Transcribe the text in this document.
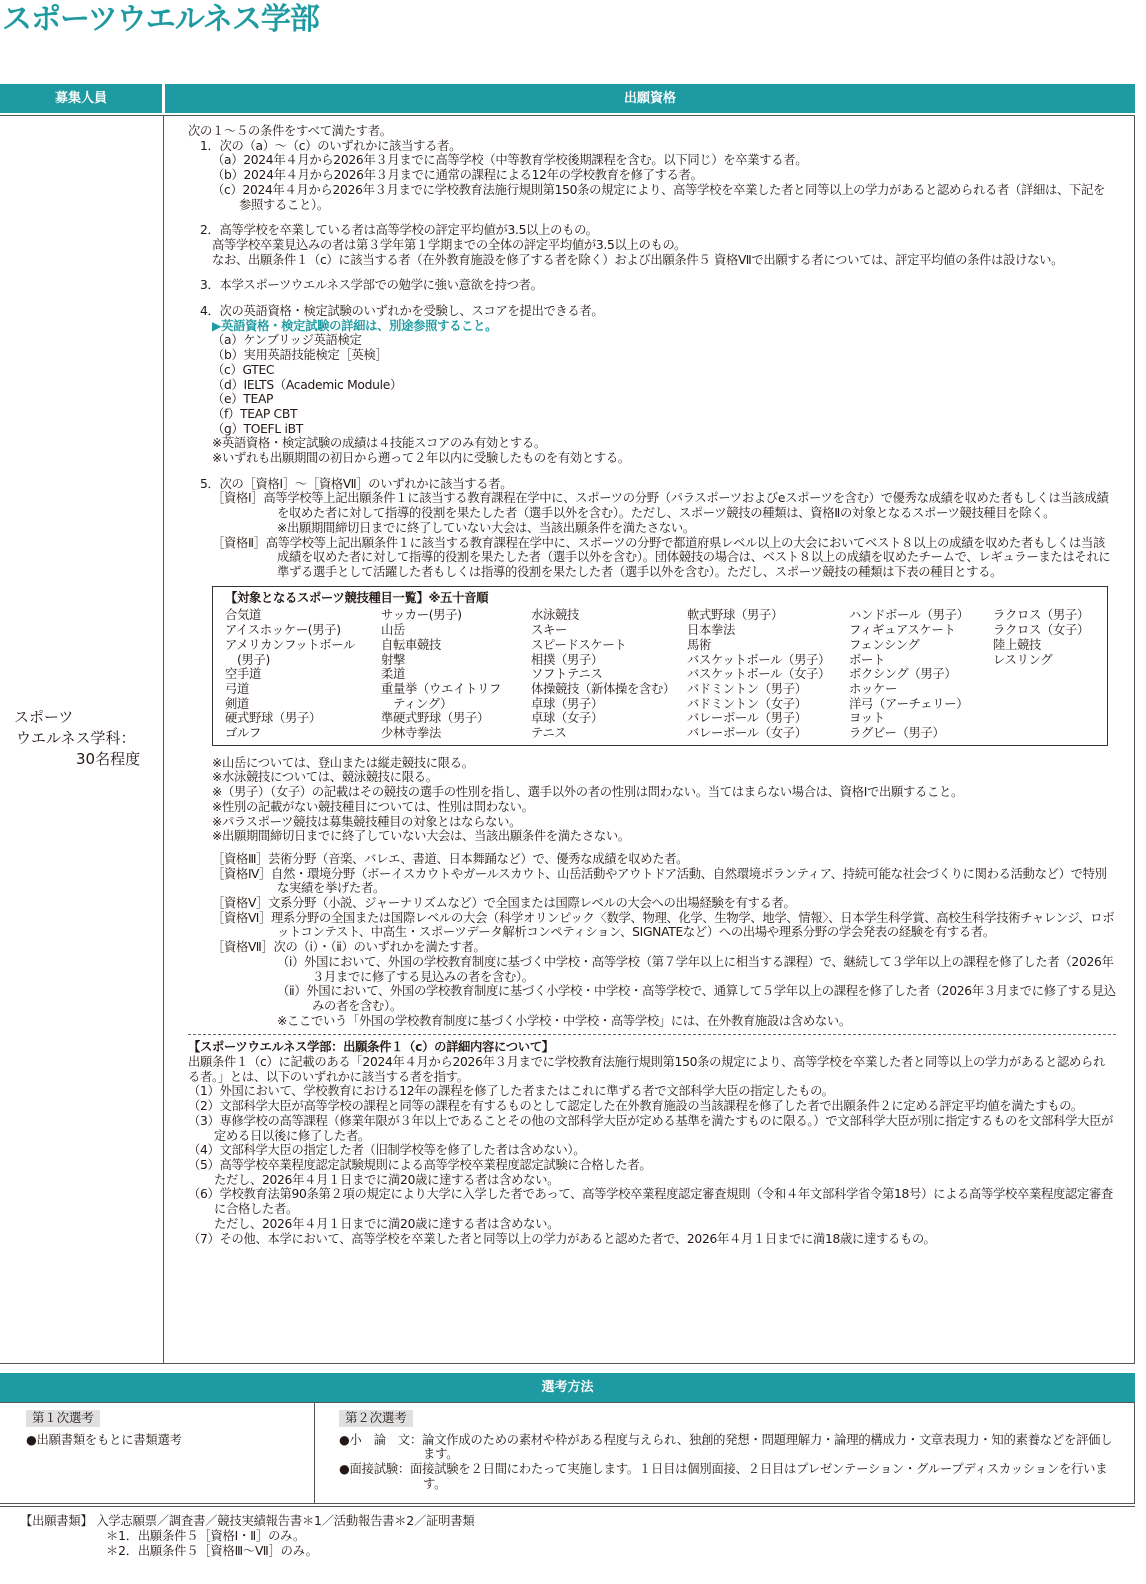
スポーツウエルネス学部
募集人員	出願資格
スポーツ
ウエルネス学科：
30名程度

次の１～５の条件をすべて満たす者。

1．次の（a）～（c）のいずれかに該当する者。

（a）2024年４月から2026年３月までに高等学校（中等教育学校後期課程を含む。以下同じ）を卒業する者。

（b）2024年４月から2026年３月までに通常の課程による12年の学校教育を修了する者。

（c）2024年４月から2026年３月までに学校教育法施行規則第150条の規定により、高等学校を卒業した者と同等以上の学力があると認められる者（詳細は、下記を参照すること）。

2．高等学校を卒業している者は高等学校の評定平均値が3.5以上のもの。

高等学校卒業見込みの者は第３学年第１学期までの全体の評定平均値が3.5以上のもの。

なお、出願条件１（c）に該当する者（在外教育施設を修了する者を除く）および出願条件５ 資格Ⅶで出願する者については、評定平均値の条件は設けない。

3．本学スポーツウエルネス学部での勉学に強い意欲を持つ者。

4．次の英語資格・検定試験のいずれかを受験し、スコアを提出できる者。

▶英語資格・検定試験の詳細は、別途参照すること。

（a）ケンブリッジ英語検定

（b）実用英語技能検定［英検］

（c）GTEC

（d）IELTS（Academic Module）

（e）TEAP

（f）TEAP CBT

（g）TOEFL iBT

※英語資格・検定試験の成績は４技能スコアのみ有効とする。

※いずれも出願期間の初日から遡って２年以内に受験したものを有効とする。

5．次の［資格Ⅰ］～［資格Ⅶ］のいずれかに該当する者。

［資格Ⅰ］高等学校等上記出願条件１に該当する教育課程在学中に、スポーツの分野（パラスポーツおよびeスポーツを含む）で優秀な成績を収めた者もしくは当該成績を収めた者に対して指導的役割を果たした者（選手以外を含む）。ただし、スポーツ競技の種類は、資格Ⅱの対象となるスポーツ競技種目を除く。

※出願期間締切日までに終了していない大会は、当該出願条件を満たさない。

［資格Ⅱ］高等学校等上記出願条件１に該当する教育課程在学中に、スポーツの分野で都道府県レベル以上の大会においてベスト８以上の成績を収めた者もしくは当該成績を収めた者に対して指導的役割を果たした者（選手以外を含む）。団体競技の場合は、ベスト８以上の成績を収めたチームで、レギュラーまたはそれに準ずる選手として活躍した者もしくは指導的役割を果たした者（選手以外を含む）。ただし、スポーツ競技の種類は下表の種目とする。

【対象となるスポーツ競技種目一覧】※五十音順
合気道
アイスホッケー(男子)
アメリカンフットボール
　(男子)
空手道
弓道
剣道
硬式野球（男子）
ゴルフ
サッカー(男子)
山岳
自転車競技
射撃
柔道
重量挙（ウエイトリフ
　ティング）
準硬式野球（男子）
少林寺拳法
水泳競技
スキー
スピードスケート
相撲（男子）
ソフトテニス
体操競技（新体操を含む）
卓球（男子）
卓球（女子）
テニス
軟式野球（男子）
日本拳法
馬術
バスケットボール（男子）
バスケットボール（女子）
バドミントン（男子）
バドミントン（女子）
バレーボール（男子）
バレーボール（女子）
ハンドボール（男子）
フィギュアスケート
フェンシング
ボート
ボクシング（男子）
ホッケー
洋弓（アーチェリー）
ヨット
ラグビー（男子）
ラクロス（男子）
ラクロス（女子）
陸上競技
レスリング

※山岳については、登山または縦走競技に限る。

※水泳競技については、競泳競技に限る。

※（男子）（女子）の記載はその競技の選手の性別を指し、選手以外の者の性別は問わない。当てはまらない場合は、資格Ⅰで出願すること。

※性別の記載がない競技種目については、性別は問わない。

※パラスポーツ競技は募集競技種目の対象とはならない。

※出願期間締切日までに終了していない大会は、当該出願条件を満たさない。

［資格Ⅲ］芸術分野（音楽、バレエ、書道、日本舞踊など）で、優秀な成績を収めた者。

［資格Ⅳ］自然・環境分野（ボーイスカウトやガールスカウト、山岳活動やアウトドア活動、自然環境ボランティア、持続可能な社会づくりに関わる活動など）で特別な実績を挙げた者。

［資格Ⅴ］文系分野（小説、ジャーナリズムなど）で全国または国際レベルの大会への出場経験を有する者。

［資格Ⅵ］理系分野の全国または国際レベルの大会（科学オリンピック〈数学、物理、化学、生物学、地学、情報〉、日本学生科学賞、高校生科学技術チャレンジ、ロボットコンテスト、中高生・スポーツデータ解析コンペティション、SIGNATEなど）への出場や理系分野の学会発表の経験を有する者。

［資格Ⅶ］次の（ⅰ）・（ⅱ）のいずれかを満たす者。

（ⅰ）外国において、外国の学校教育制度に基づく中学校・高等学校（第７学年以上に相当する課程）で、継続して３学年以上の課程を修了した者（2026年３月までに修了する見込みの者を含む）。

（ⅱ）外国において、外国の学校教育制度に基づく小学校・中学校・高等学校で、通算して５学年以上の課程を修了した者（2026年３月までに修了する見込みの者を含む）。

※ここでいう「外国の学校教育制度に基づく小学校・中学校・高等学校」には、在外教育施設は含めない。

【スポーツウエルネス学部：出願条件１（c）の詳細内容について】

出願条件１（c）に記載のある「2024年４月から2026年３月までに学校教育法施行規則第150条の規定により、高等学校を卒業した者と同等以上の学力があると認められる者。」とは、以下のいずれかに該当する者を指す。

（1）外国において、学校教育における12年の課程を修了した者またはこれに準ずる者で文部科学大臣の指定したもの。

（2）文部科学大臣が高等学校の課程と同等の課程を有するものとして認定した在外教育施設の当該課程を修了した者で出願条件２に定める評定平均値を満たすもの。

（3）専修学校の高等課程（修業年限が３年以上であることその他の文部科学大臣が定める基準を満たすものに限る。）で文部科学大臣が別に指定するものを文部科学大臣が定める日以後に修了した者。

（4）文部科学大臣の指定した者（旧制学校等を修了した者は含めない）。

（5）高等学校卒業程度認定試験規則による高等学校卒業程度認定試験に合格した者。

ただし、2026年４月１日までに満20歳に達する者は含めない。

（6）学校教育法第90条第２項の規定により大学に入学した者であって、高等学校卒業程度認定審査規則（令和４年文部科学省令第18号）による高等学校卒業程度認定審査に合格した者。

ただし、2026年４月１日までに満20歳に達する者は含めない。

（7）その他、本学において、高等学校を卒業した者と同等以上の学力があると認めた者で、2026年４月１日までに満18歳に達するもの。

選考方法
第１次選考
●出願書類をもとに書類選考
第２次選考
●小　論　文：論文作成のための素材や枠がある程度与えられ、独創的発想・問題理解力・論理的構成力・文章表現力・知的素養などを評価します。
●面接試験：面接試験を２日間にわたって実施します。１日目は個別面接、２日目はプレゼンテーション・グループディスカッションを行います。
【出願書類】 入学志願票／調査書／競技実績報告書＊1／活動報告書＊2／証明書類
＊1．出願条件５［資格Ⅰ・Ⅱ］のみ。
＊2．出願条件５［資格Ⅲ～Ⅶ］のみ。
